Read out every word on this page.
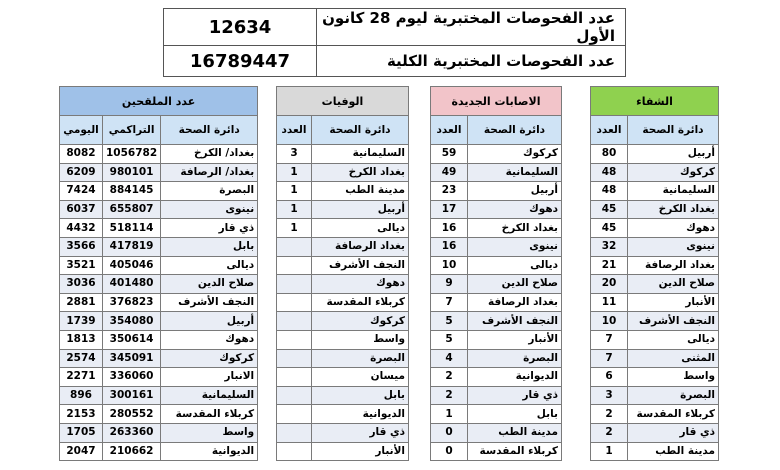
عدد الفحوصات المختبرية ليوم 28 كانون الأول	12634
عدد الفحوصات المختبرية الكلية	16789447
الشفاء	
دائرة الصحة	العدد
أربيل	80
كركوك	48
السليمانية	48
بغداد الكرخ	45
دهوك	45
نينوى	32
بغداد الرصافة	21
صلاح الدين	20
الأنبار	11
النجف الأشرف	10
ديالى	7
المثنى	7
واسط	6
البصرة	3
كربلاء المقدسة	2
ذي قار	2
مدينة الطب	1
الاصابات الجديدة	
دائرة الصحة	العدد
كركوك	59
السليمانية	49
أربيل	23
دهوك	17
بغداد الكرخ	16
نينوى	16
ديالى	10
صلاح الدين	9
بغداد الرصافة	7
النجف الأشرف	5
الأنبار	5
البصرة	4
الديوانية	2
ذي قار	2
بابل	1
مدينة الطب	0
كربلاء المقدسة	0
الوفيات	
دائرة الصحة	العدد
السليمانية	3
بغداد الكرخ	1
مدينة الطب	1
أربيل	1
ديالى	1
بغداد الرصافة	
النجف الأشرف	
دهوك	
كربلاء المقدسة	
كركوك	
واسط	
البصرة	
ميسان	
بابل	
الديوانية	
ذي قار	
الأنبار	
عدد الملقحين		
دائرة الصحة	التراكمي	اليومي
بغداد/ الكرخ	1056782	8082
بغداد/ الرصافة	980101	6209
البصرة	884145	7424
نينوى	655807	6037
ذي قار	518114	4432
بابل	417819	3566
ديالى	405046	3521
صلاح الدين	401480	3036
النجف الأشرف	376823	2881
أربيل	354080	1739
دهوك	350614	1813
كركوك	345091	2574
الانبار	336060	2271
السليمانية	300161	896
كربلاء المقدسة	280552	2153
واسط	263360	1705
الديوانية	210662	2047
